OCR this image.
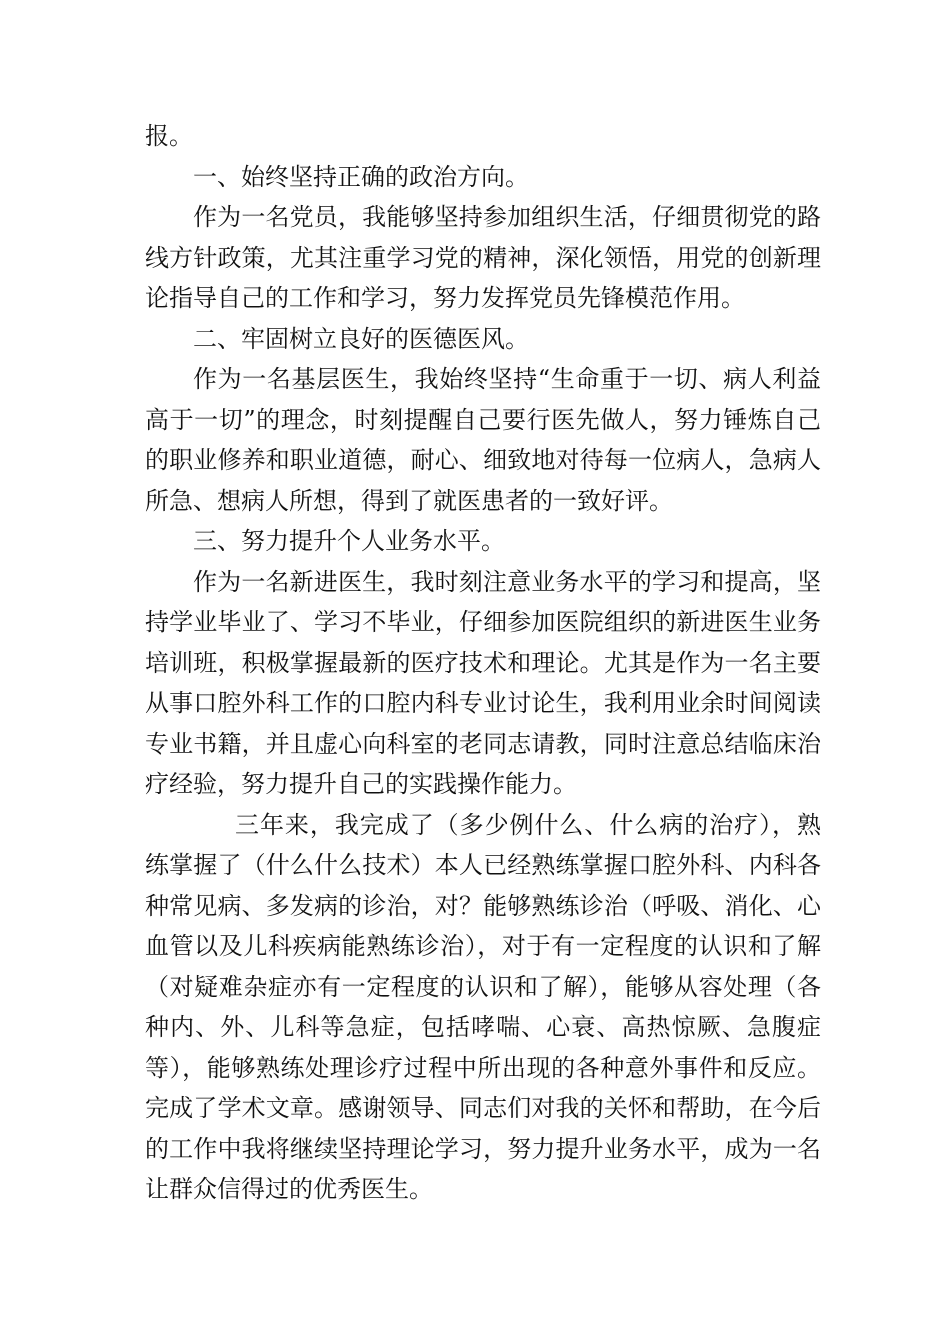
报。

一、始终坚持正确的政治方向。

作为一名党员，我能够坚持参加组织生活，仔细贯彻党的路线方针政策，尤其注重学习党的精神，深化领悟，用党的创新理论指导自己的工作和学习，努力发挥党员先锋模范作用。

二、牢固树立良好的医德医风。

作为一名基层医生，我始终坚持“生命重于一切、病人利益高于一切”的理念，时刻提醒自己要行医先做人，努力锤炼自己的职业修养和职业道德，耐心、细致地对待每一位病人，急病人所急、想病人所想，得到了就医患者的一致好评。

三、努力提升个人业务水平。

作为一名新进医生，我时刻注意业务水平的学习和提高，坚持学业毕业了、学习不毕业，仔细参加医院组织的新进医生业务培训班，积极掌握最新的医疗技术和理论。尤其是作为一名主要从事口腔外科工作的口腔内科专业讨论生，我利用业余时间阅读专业书籍，并且虚心向科室的老同志请教，同时注意总结临床治疗经验，努力提升自己的实践操作能力。

三年来，我完成了（多少例什么、什么病的治疗），熟练掌握了（什么什么技术）本人已经熟练掌握口腔外科、内科各种常见病、多发病的诊治，对？能够熟练诊治（呼吸、消化、心血管以及儿科疾病能熟练诊治），对于有一定程度的认识和了解（对疑难杂症亦有一定程度的认识和了解），能够从容处理（各种内、外、儿科等急症，包括哮喘、心衰、高热惊厥、急腹症等），能够熟练处理诊疗过程中所出现的各种意外事件和反应。完成了学术文章。感谢领导、同志们对我的关怀和帮助，在今后的工作中我将继续坚持理论学习，努力提升业务水平，成为一名让群众信得过的优秀医生。
